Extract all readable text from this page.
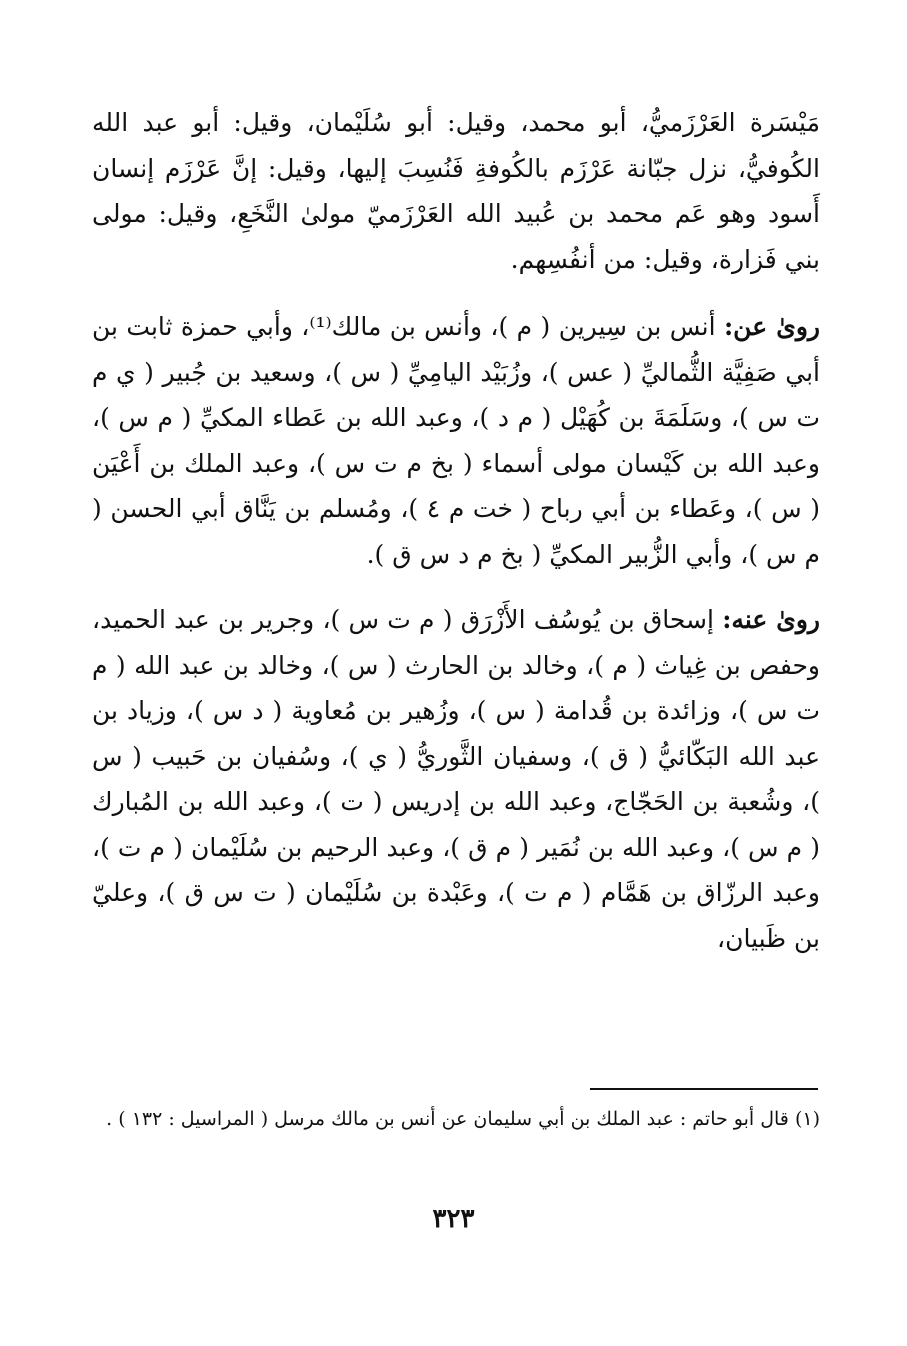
مَيْسَرة العَرْزَميُّ، أبو محمد، وقيل: أبو سُلَيْمان، وقيل: أبو عبد الله الكُوفيُّ، نزل جبّانة عَرْزَم بالكُوفةِ فَنُسِبَ إليها، وقيل: إنَّ عَرْزَم إنسان أَسود وهو عَم محمد بن عُبيد الله العَرْزَميّ مولىٰ النَّخَعِ، وقيل: مولى بني فَزارة، وقيل: من أنفُسِهم.

روىٰ عن: أنس بن سِيرين ( م )، وأنس بن مالك⁽¹⁾، وأبي حمزة ثابت بن أبي صَفِيَّة الثُّماليِّ ( عس )، وزُبَيْد اليامِيِّ ( س )، وسعيد بن جُبير ( ي م ت س )، وسَلَمَةَ بن كُهَيْل ( م د )، وعبد الله بن عَطاء المكيِّ ( م س )، وعبد الله بن كَيْسان مولى أسماء ( بخ م ت س )، وعبد الملك بن أَعْيَن ( س )، وعَطاء بن أبي رباح ( خت م ٤ )، ومُسلم بن يَنَّاق أبي الحسن ( م س )، وأبي الزُّبير المكيِّ ( بخ م د س ق ).

روىٰ عنه: إسحاق بن يُوسُف الأَزْرَق ( م ت س )، وجرير بن عبد الحميد، وحفص بن غِياث ( م )، وخالد بن الحارث ( س )، وخالد بن عبد الله ( م ت س )، وزائدة بن قُدامة ( س )، وزُهير بن مُعاوية ( د س )، وزياد بن عبد الله البَكّائيُّ ( ق )، وسفيان الثَّوريُّ ( ي )، وسُفيان بن حَبيب ( س )، وشُعبة بن الحَجّاج، وعبد الله بن إدريس ( ت )، وعبد الله بن المُبارك ( م س )، وعبد الله بن نُمَير ( م ق )، وعبد الرحيم بن سُلَيْمان ( م ت )، وعبد الرزّاق بن هَمَّام ( م ت )، وعَبْدة بن سُلَيْمان ( ت س ق )، وعليّ بن ظَبيان،

(١) قال أبو حاتم : عبد الملك بن أبي سليمان عن أنس بن مالك مرسل ( المراسيل : ١٣٢ ) .
٣٢٣
